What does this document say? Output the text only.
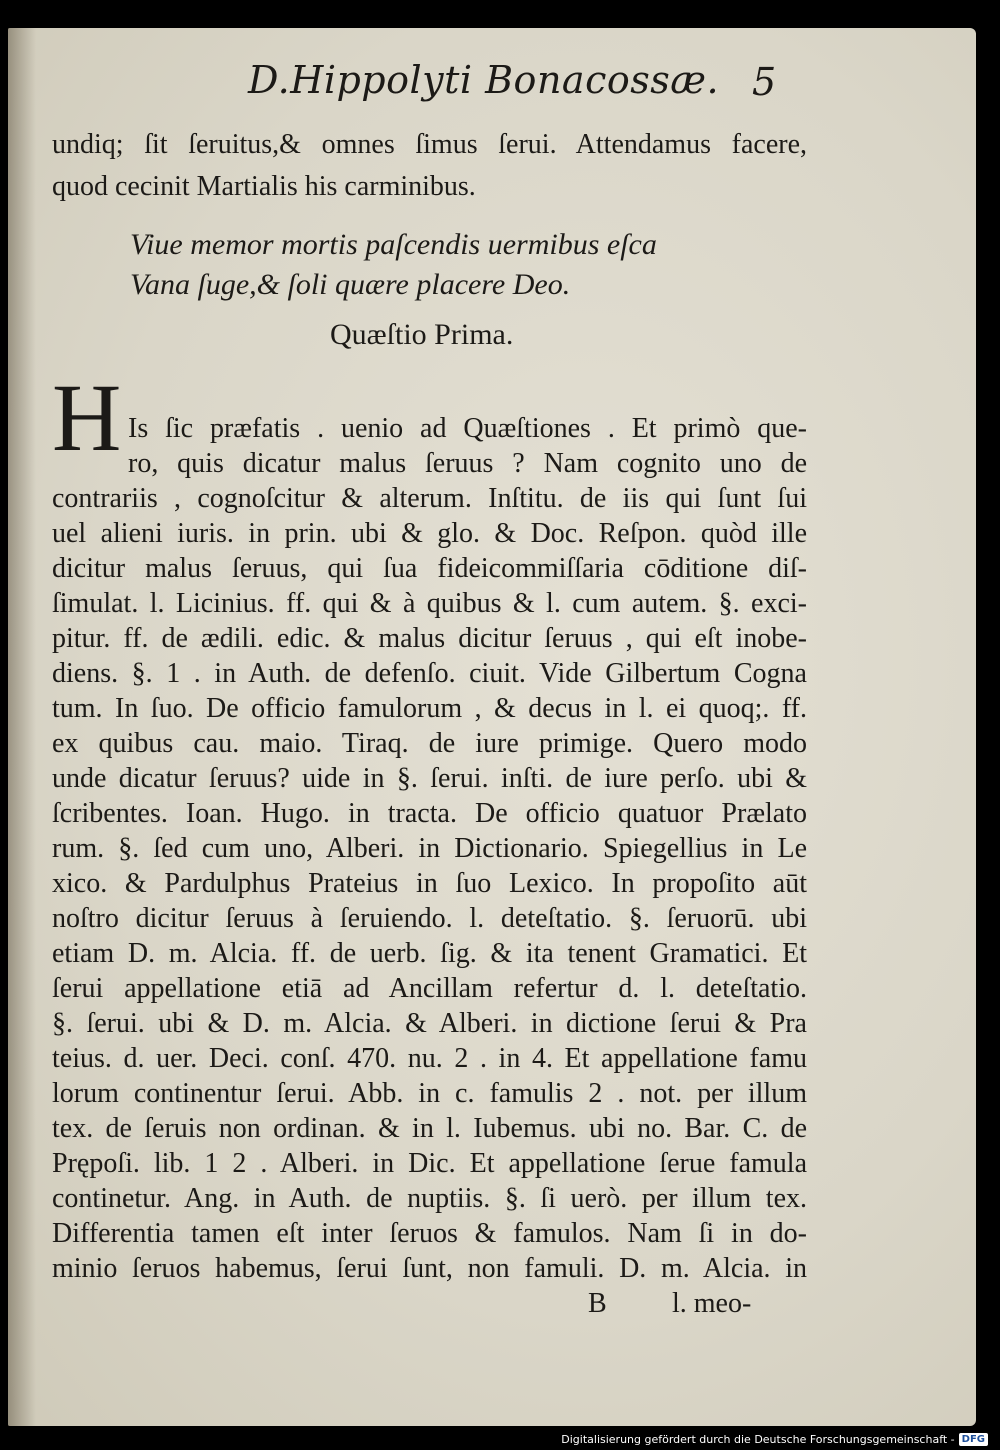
D.Hippolyti Bonacossæ. 5
undiq; ſit ſeruitus,& omnes ſimus ſerui. Attendamus facere,
quod cecinit Martialis his carminibus.
Viue memor mortis paſcendis uermibus eſca
Vana ſuge,& ſoli quære placere Deo.
Quæſtio Prima.
H Is ſic præfatis . uenio ad Quæſtiones . Et primò que-
ro, quis dicatur malus ſeruus ? Nam cognito uno de
contrariis , cognoſcitur & alterum. Inſtitu. de iis qui ſunt ſui
uel alieni iuris. in prin. ubi & glo. & Doc. Reſpon. quòd ille
dicitur malus ſeruus, qui ſua fideicommiſſaria cōditione diſ-
ſimulat. l. Licinius. ff. qui & à quibus & l. cum autem. §. exci-
pitur. ff. de ædili. edic. & malus dicitur ſeruus , qui eſt inobe-
diens. §. 1 . in Auth. de defenſo. ciuit. Vide Gilbertum Cogna
tum. In ſuo. De officio famulorum , & decus in l. ei quoq;. ff.
ex quibus cau. maio. Tiraq. de iure primige. Quero modo
unde dicatur ſeruus? uide in §. ſerui. inſti. de iure perſo. ubi &
ſcribentes. Ioan. Hugo. in tracta. De officio quatuor Prælato
rum. §. ſed cum uno, Alberi. in Dictionario. Spiegellius in Le
xico. & Pardulphus Prateius in ſuo Lexico. In propoſito aūt
noſtro dicitur ſeruus à ſeruiendo. l. deteſtatio. §. ſeruorū. ubi
etiam D. m. Alcia. ff. de uerb. ſig. & ita tenent Gramatici. Et
ſerui appellatione etiā ad Ancillam refertur d. l. deteſtatio.
§. ſerui. ubi & D. m. Alcia. & Alberi. in dictione ſerui & Pra
teius. d. uer. Deci. conſ. 470. nu. 2 . in 4. Et appellatione famu
lorum continentur ſerui. Abb. in c. famulis 2 . not. per illum
tex. de ſeruis non ordinan. & in l. Iubemus. ubi no. Bar. C. de
Prępoſi. lib. 1 2 . Alberi. in Dic. Et appellatione ſerue famula
continetur. Ang. in Auth. de nuptiis. §. ſi uerò. per illum tex.
Differentia tamen eſt inter ſeruos & famulos. Nam ſi in do-
minio ſeruos habemus, ſerui ſunt, non famuli. D. m. Alcia. in
B l. meo-
Digitalisierung gefördert durch die Deutsche Forschungsgemeinschaft - DFG
